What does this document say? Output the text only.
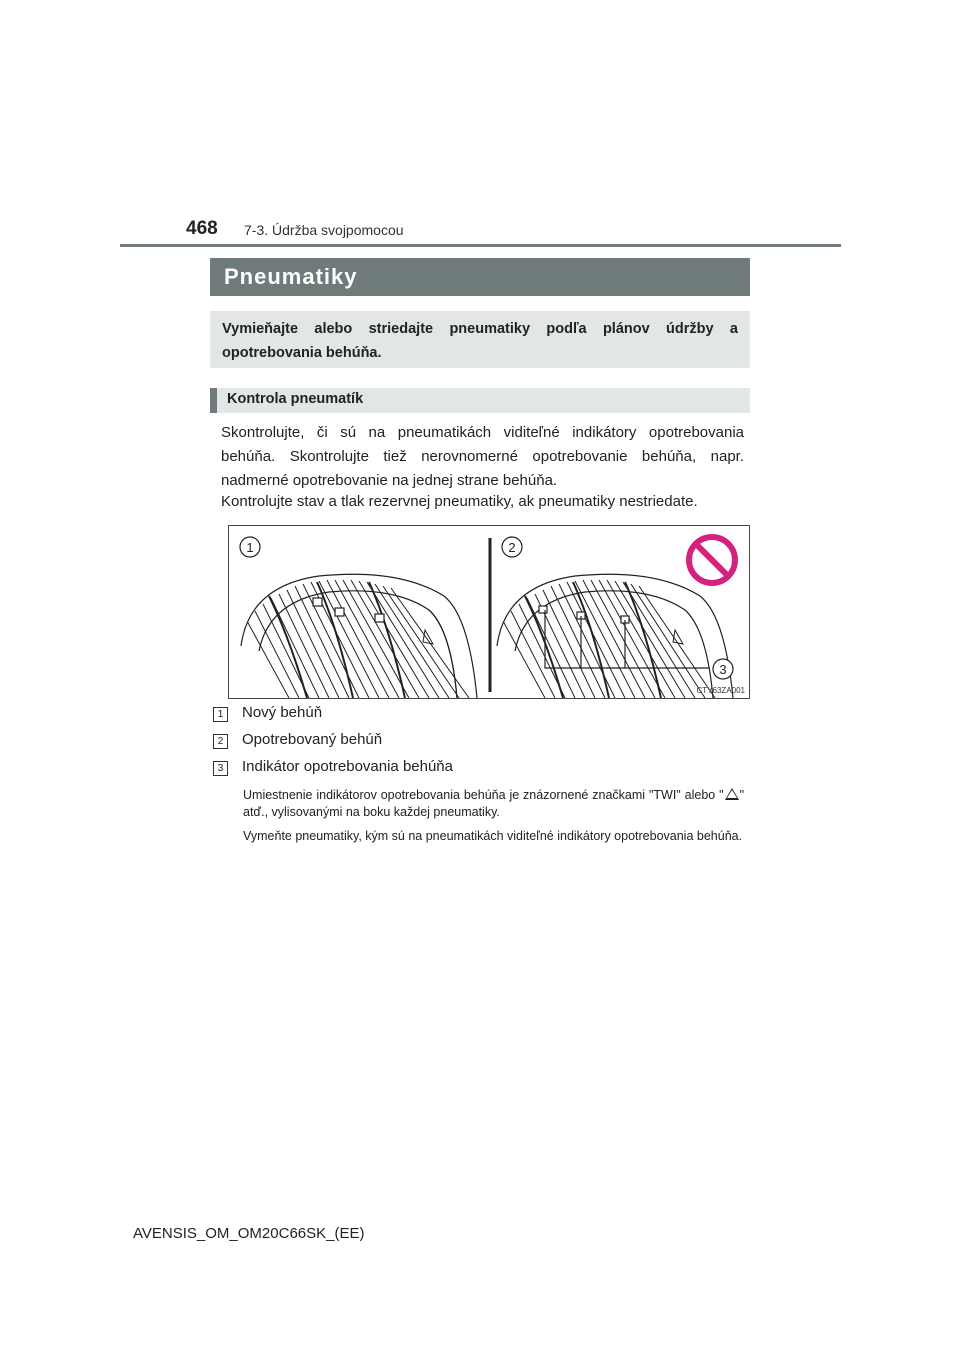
468 7-3. Údržba svojpomocou
Pneumatiky
Vymieňajte alebo striedajte pneumatiky podľa plánov údržby a opotrebovania behúňa.
Kontrola pneumatík
Skontrolujte, či sú na pneumatikách viditeľné indikátory opotrebovania behúňa. Skontrolujte tiež nerovnomerné opotrebovanie behúňa, napr. nadmerné opotrebovanie na jednej strane behúňa.
Kontrolujte stav a tlak rezervnej pneumatiky, ak pneumatiky nestriedate.
1	2
3
CTY63ZA001
1	Nový behúň
2	Opotrebovaný behúň
3	Indikátor opotrebovania behúňa
Umiestnenie indikátorov opotrebovania behúňa je znázornené značkami "TWI" alebo " " atď., vylisovanými na boku každej pneumatiky.
Vymeňte pneumatiky, kým sú na pneumatikách viditeľné indikátory opotrebovania behúňa.
AVENSIS_OM_OM20C66SK_(EE)
